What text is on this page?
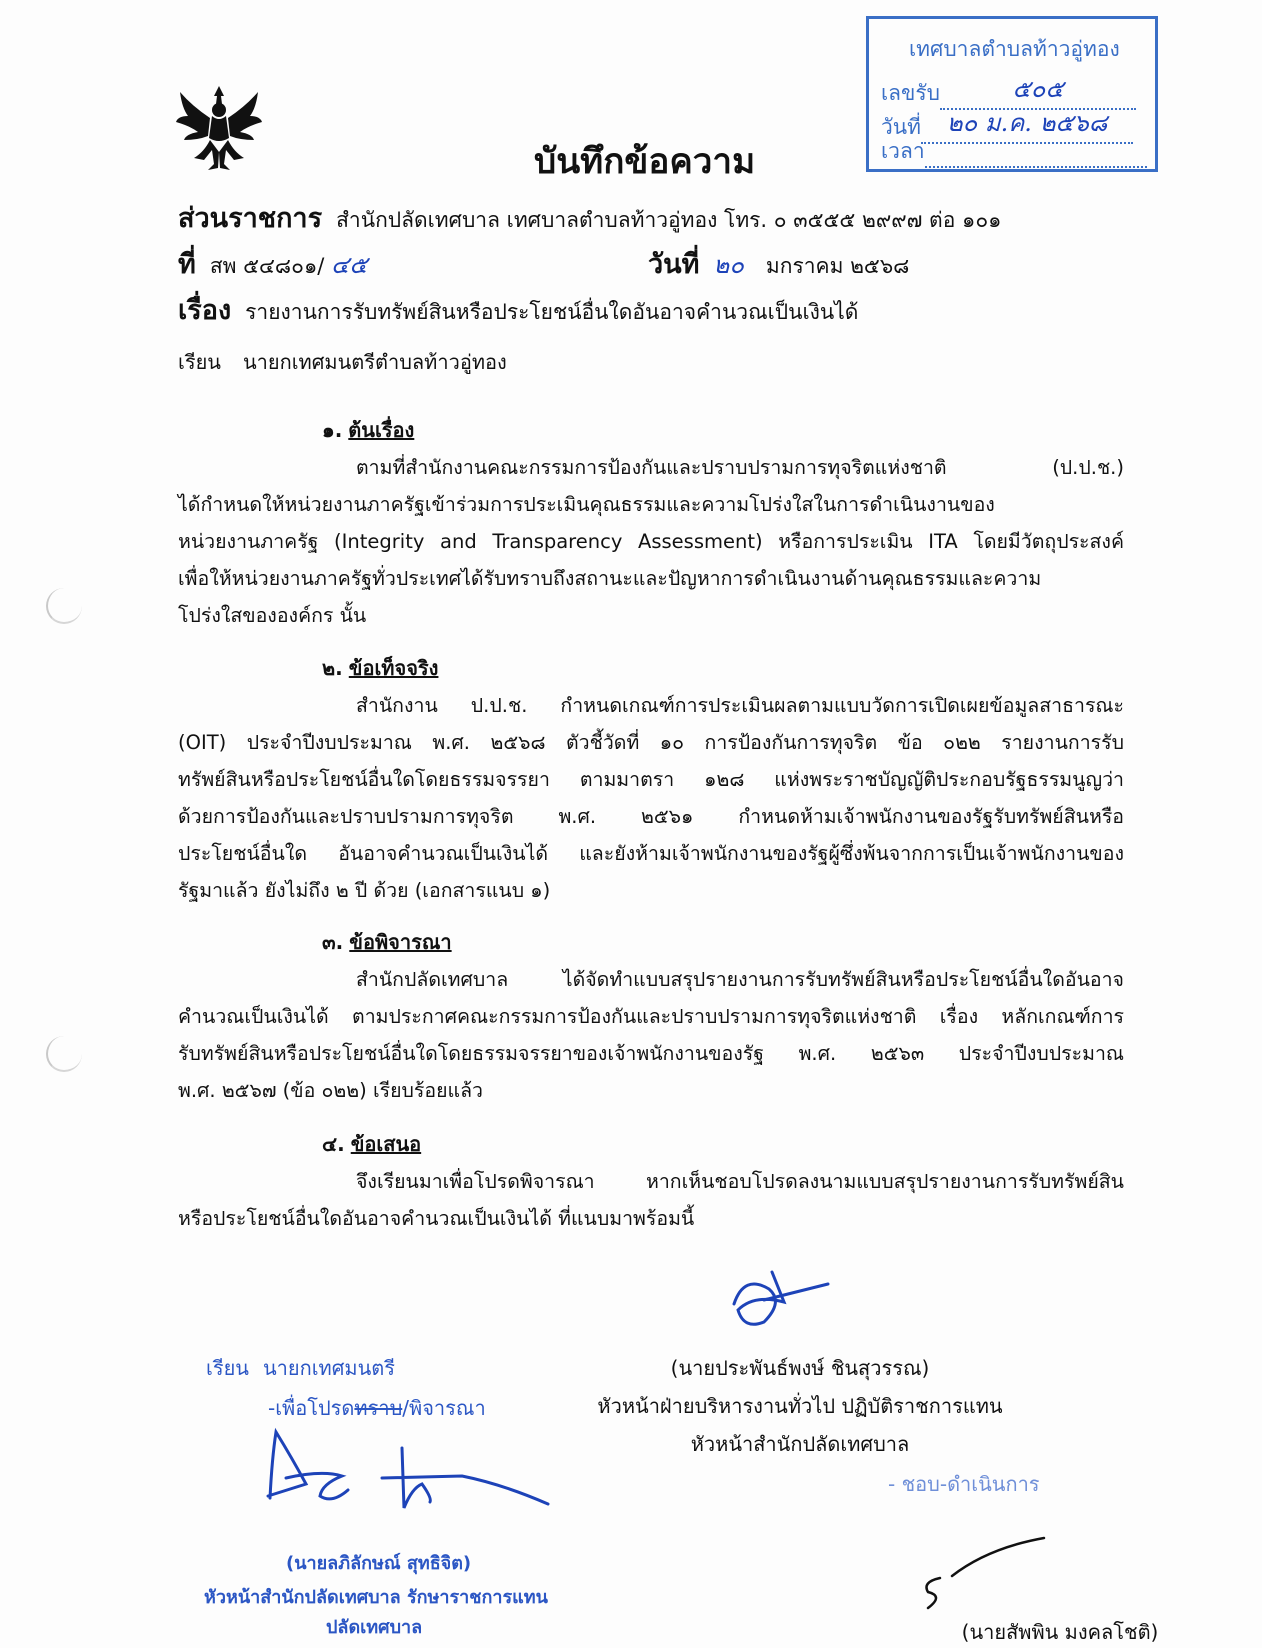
เทศบาลตำบลท้าวอู่ทอง
เลขรับ	๕๐๕
วันที่ ๒๐ ม.ค. ๒๕๖๘
เวลา
บันทึกข้อความ
ส่วนราชการ สำนักปลัดเทศบาล เทศบาลตำบลท้าวอู่ทอง โทร. ๐ ๓๕๕๕ ๒๙๙๗ ต่อ ๑๐๑
ที่ สพ ๕๔๘๐๑/ ๔๕	วันที่ ๒๐ มกราคม ๒๕๖๘
เรื่อง รายงานการรับทรัพย์สินหรือประโยชน์อื่นใดอันอาจคำนวณเป็นเงินได้
เรียน นายกเทศมนตรีตำบลท้าวอู่ทอง
๑. ต้นเรื่อง
ตามที่สำนักงานคณะกรรมการป้องกันและปราบปรามการทุจริตแห่งชาติ (ป.ป.ช.)
ได้กำหนดให้หน่วยงานภาครัฐเข้าร่วมการประเมินคุณธรรมและความโปร่งใสในการดำเนินงานของ
หน่วยงานภาครัฐ (Integrity and Transparency Assessment) หรือการประเมิน ITA โดยมีวัตถุประสงค์
เพื่อให้หน่วยงานภาครัฐทั่วประเทศได้รับทราบถึงสถานะและปัญหาการดำเนินงานด้านคุณธรรมและความ
โปร่งใสขององค์กร นั้น
๒. ข้อเท็จจริง
สำนักงาน ป.ป.ช. กำหนดเกณฑ์การประเมินผลตามแบบวัดการเปิดเผยข้อมูลสาธารณะ
(OIT) ประจำปีงบประมาณ พ.ศ. ๒๕๖๘ ตัวชี้วัดที่ ๑๐ การป้องกันการทุจริต ข้อ ๐๒๒ รายงานการรับ
ทรัพย์สินหรือประโยชน์อื่นใดโดยธรรมจรรยา ตามมาตรา ๑๒๘ แห่งพระราชบัญญัติประกอบรัฐธรรมนูญว่า
ด้วยการป้องกันและปราบปรามการทุจริต พ.ศ. ๒๕๖๑ กำหนดห้ามเจ้าพนักงานของรัฐรับทรัพย์สินหรือ
ประโยชน์อื่นใด อันอาจคำนวณเป็นเงินได้ และยังห้ามเจ้าพนักงานของรัฐผู้ซึ่งพ้นจากการเป็นเจ้าพนักงานของ
รัฐมาแล้ว ยังไม่ถึง ๒ ปี ด้วย (เอกสารแนบ ๑)
๓. ข้อพิจารณา
สำนักปลัดเทศบาล ได้จัดทำแบบสรุปรายงานการรับทรัพย์สินหรือประโยชน์อื่นใดอันอาจ
คำนวณเป็นเงินได้ ตามประกาศคณะกรรมการป้องกันและปราบปรามการทุจริตแห่งชาติ เรื่อง หลักเกณฑ์การ
รับทรัพย์สินหรือประโยชน์อื่นใดโดยธรรมจรรยาของเจ้าพนักงานของรัฐ พ.ศ. ๒๕๖๓ ประจำปีงบประมาณ
พ.ศ. ๒๕๖๗ (ข้อ ๐๒๒) เรียบร้อยแล้ว
๔. ข้อเสนอ
จึงเรียนมาเพื่อโปรดพิจารณา หากเห็นชอบโปรดลงนามแบบสรุปรายงานการรับทรัพย์สิน
หรือประโยชน์อื่นใดอันอาจคำนวณเป็นเงินได้ ที่แนบมาพร้อมนี้
(นายประพันธ์พงษ์ ชินสุวรรณ)
หัวหน้าฝ่ายบริหารงานทั่วไป ปฏิบัติราชการแทน
หัวหน้าสำนักปลัดเทศบาล
เรียน นายกเทศมนตรี
-เพื่อโปรดทราบ/พิจารณา
(นายลภิลักษณ์ สุทธิจิต)
หัวหน้าสำนักปลัดเทศบาล รักษาราชการแทน
ปลัดเทศบาล
- ชอบ-ดำเนินการ
(นายสัพพิน มงคลโชติ)
